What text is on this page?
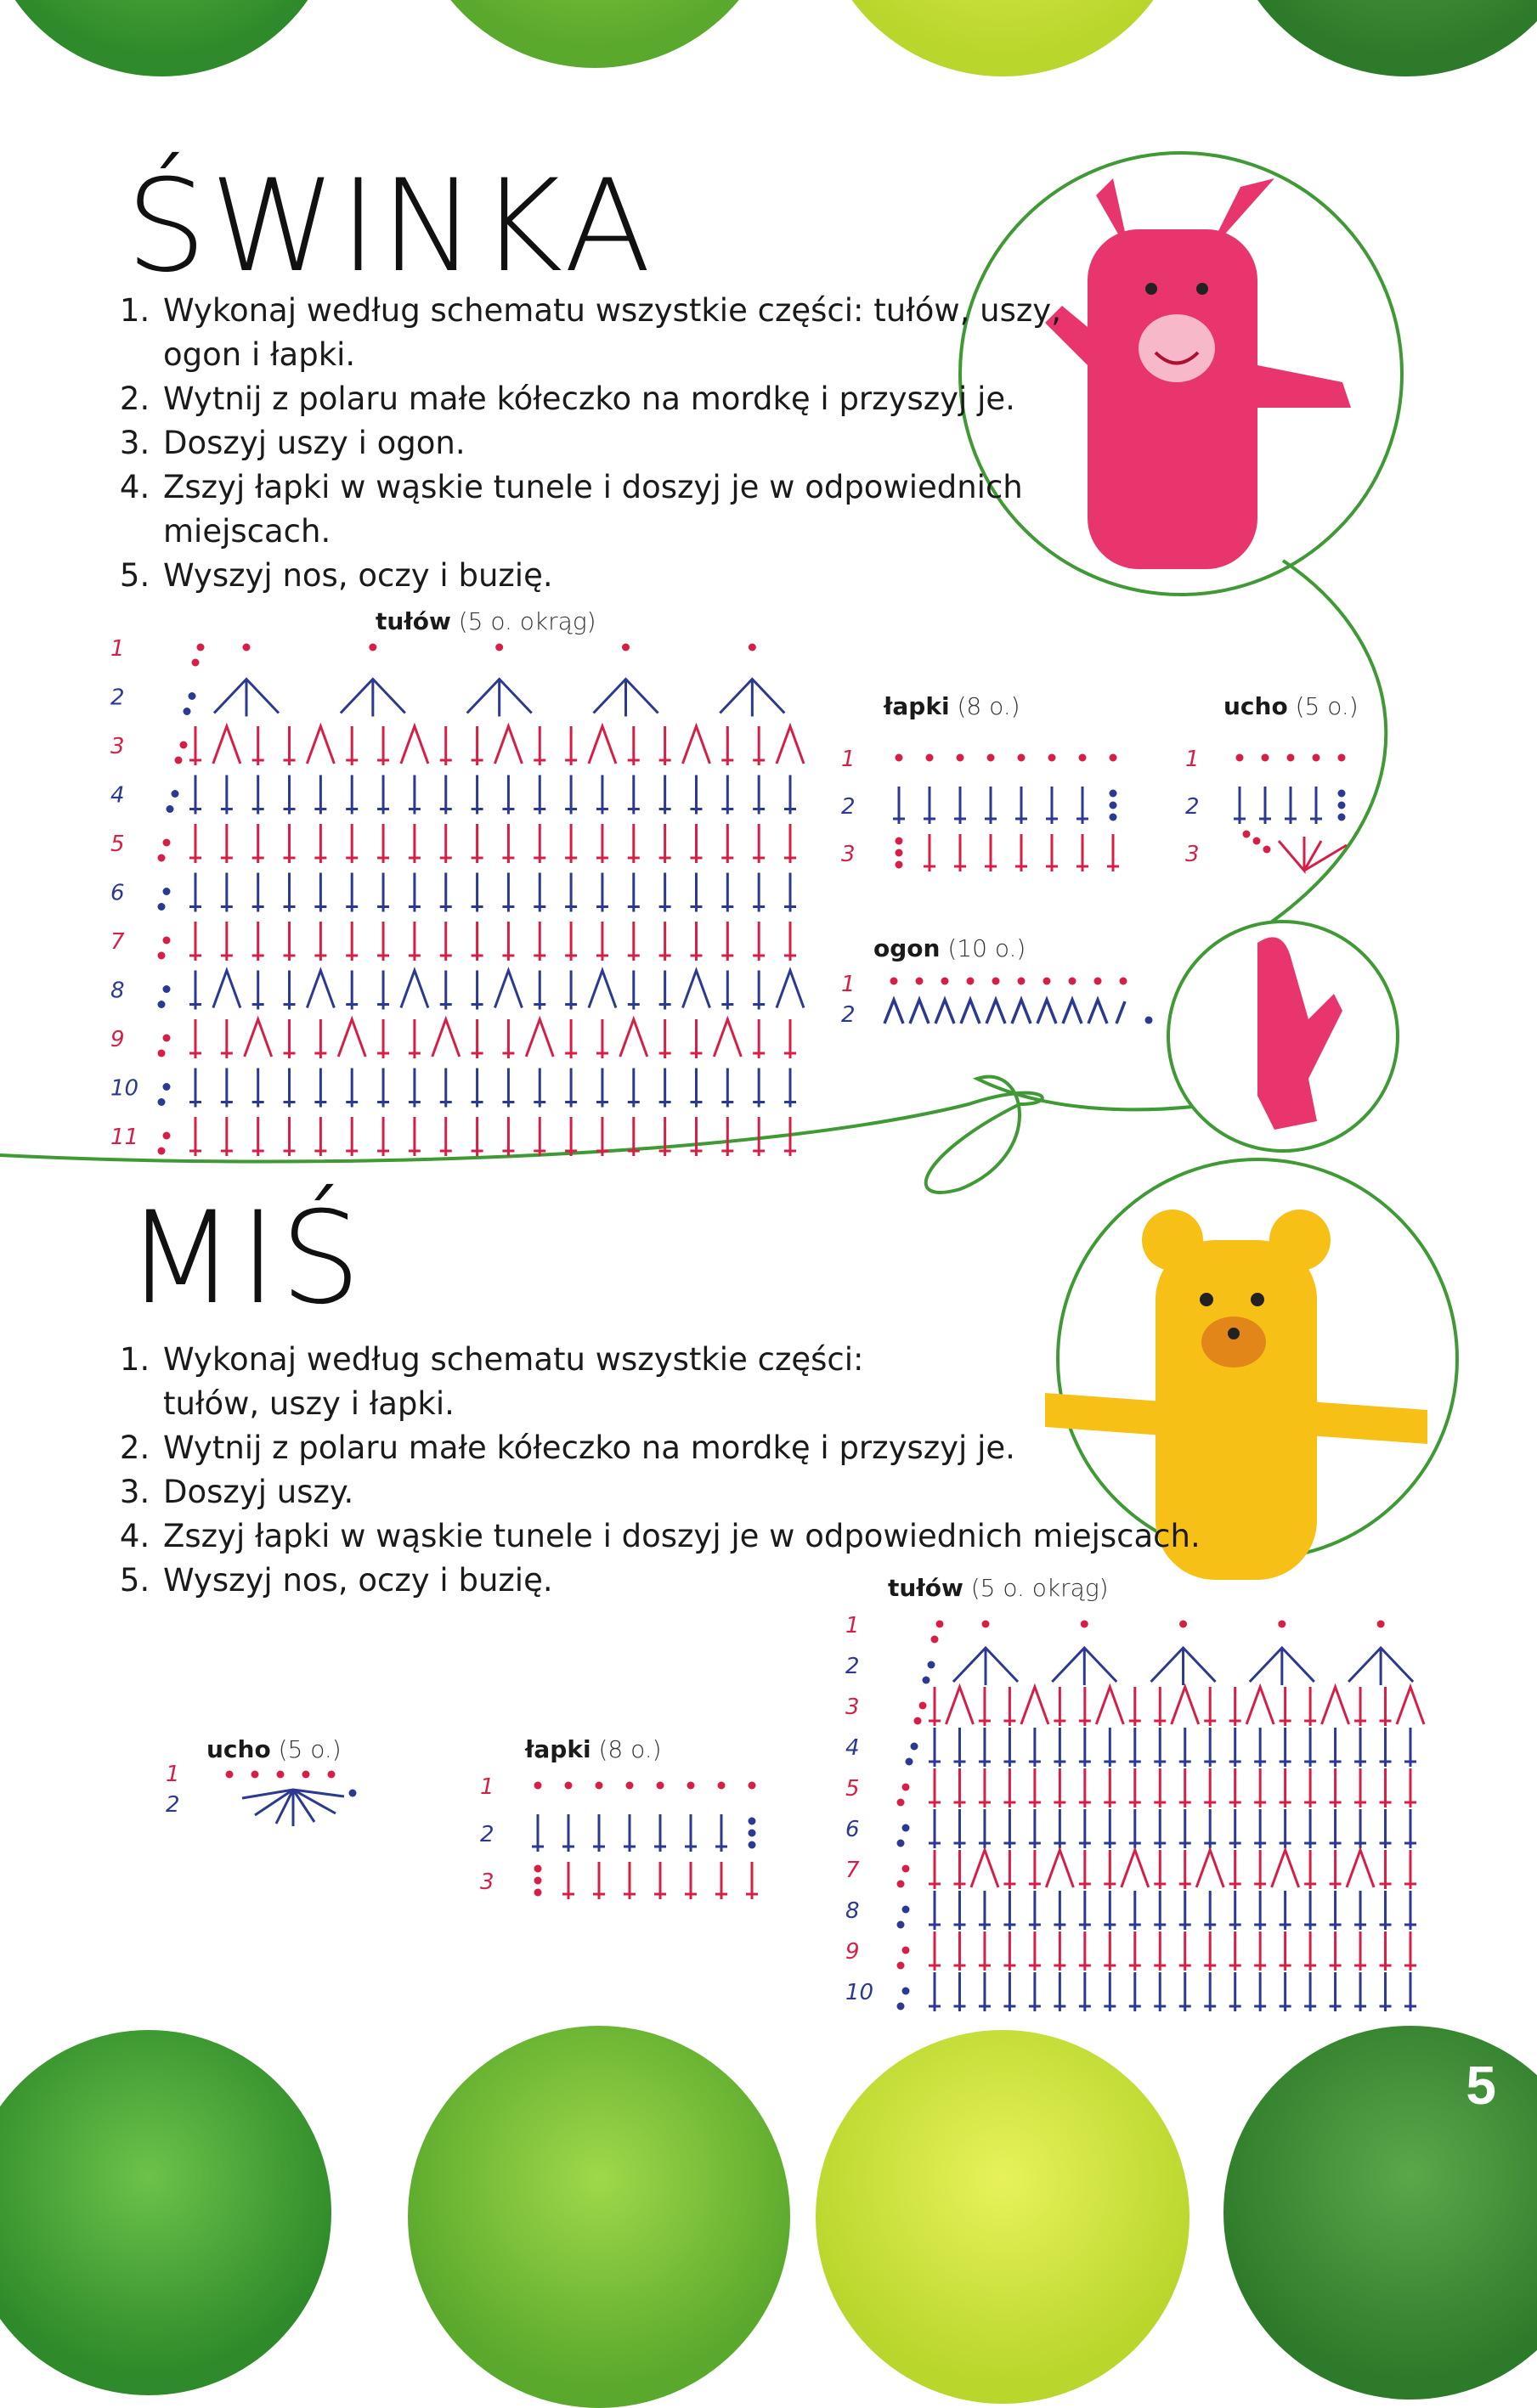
ŚWINKA
1. Wykonaj według schematu wszystkie części: tułów, uszy, ogon i łapki.
2. Wytnij z polaru małe kółeczko na mordkę i przyszyj je.
3. Doszyj uszy i ogon.
4. Zszyj łapki w wąskie tunele i doszyj je w odpowiednich miejscach.
5. Wyszyj nos, oczy i buzię.
tułów (5 o. okrąg)
1
2
3
4
5
6
7
8
9
10
11
łapki (8 o.)
1
2
3
ucho (5 o.)
1
2
3
ogon (10 o.)
1
2
MIŚ
1. Wykonaj według schematu wszystkie części: tułów, uszy i łapki.
2. Wytnij z polaru małe kółeczko na mordkę i przyszyj je.
3. Doszyj uszy.
4. Zszyj łapki w wąskie tunele i doszyj je w odpowiednich miejscach.
5. Wyszyj nos, oczy i buzię.	tułów (5 o. okrąg)
1
2
3
4
5
6
7
8
9
10
ucho (5 o.)
1
2
łapki (8 o.)
1
2
3
5
